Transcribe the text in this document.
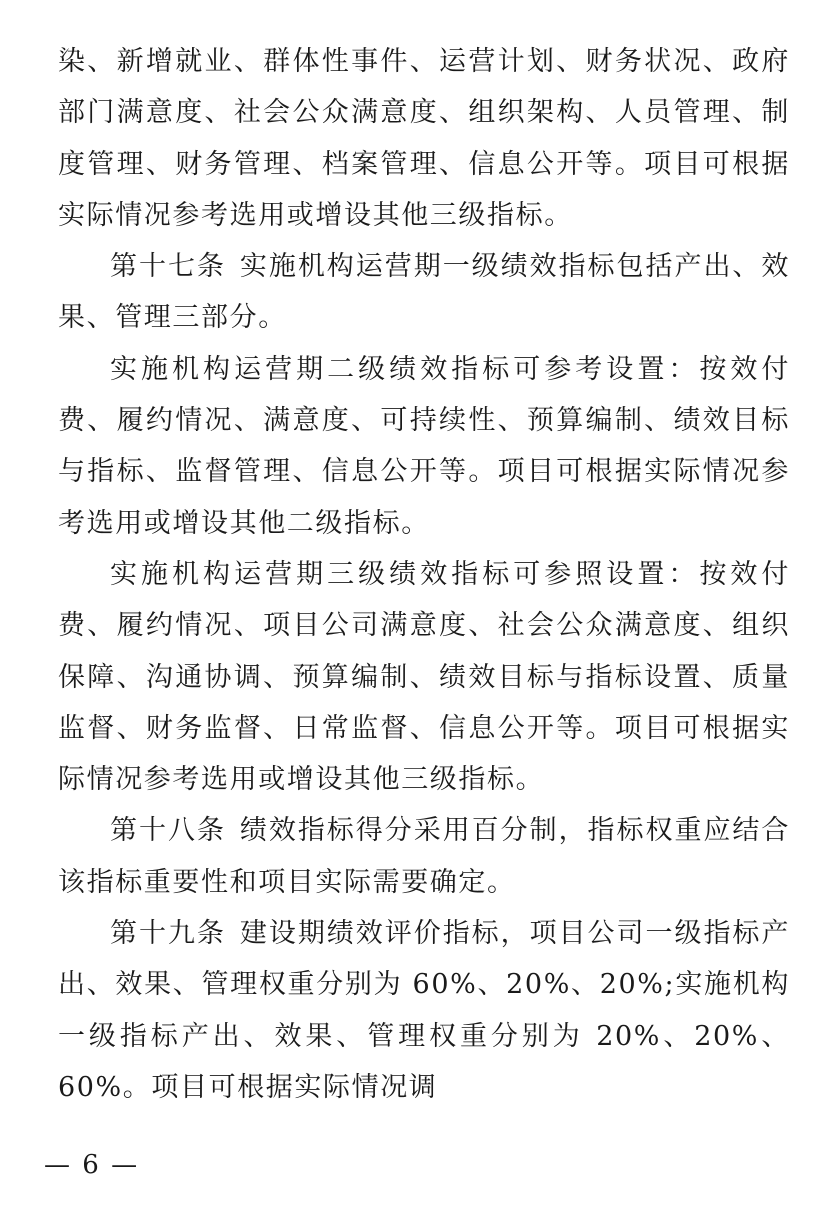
染、新增就业、群体性事件、运营计划、财务状况、政府部门满意度、社会公众满意度、组织架构、人员管理、制度管理、财务管理、档案管理、信息公开等。项目可根据实际情况参考选用或增设其他三级指标。

第十七条 实施机构运营期一级绩效指标包括产出、效果、管理三部分。

实施机构运营期二级绩效指标可参考设置：按效付费、履约情况、满意度、可持续性、预算编制、绩效目标与指标、监督管理、信息公开等。项目可根据实际情况参考选用或增设其他二级指标。

实施机构运营期三级绩效指标可参照设置：按效付费、履约情况、项目公司满意度、社会公众满意度、组织保障、沟通协调、预算编制、绩效目标与指标设置、质量监督、财务监督、日常监督、信息公开等。项目可根据实际情况参考选用或增设其他三级指标。

第十八条 绩效指标得分采用百分制，指标权重应结合该指标重要性和项目实际需要确定。

第十九条 建设期绩效评价指标，项目公司一级指标产出、效果、管理权重分别为 60%、20%、20%;实施机构一级指标产出、效果、管理权重分别为 20%、20%、60%。项目可根据实际情况调

— 6 —
